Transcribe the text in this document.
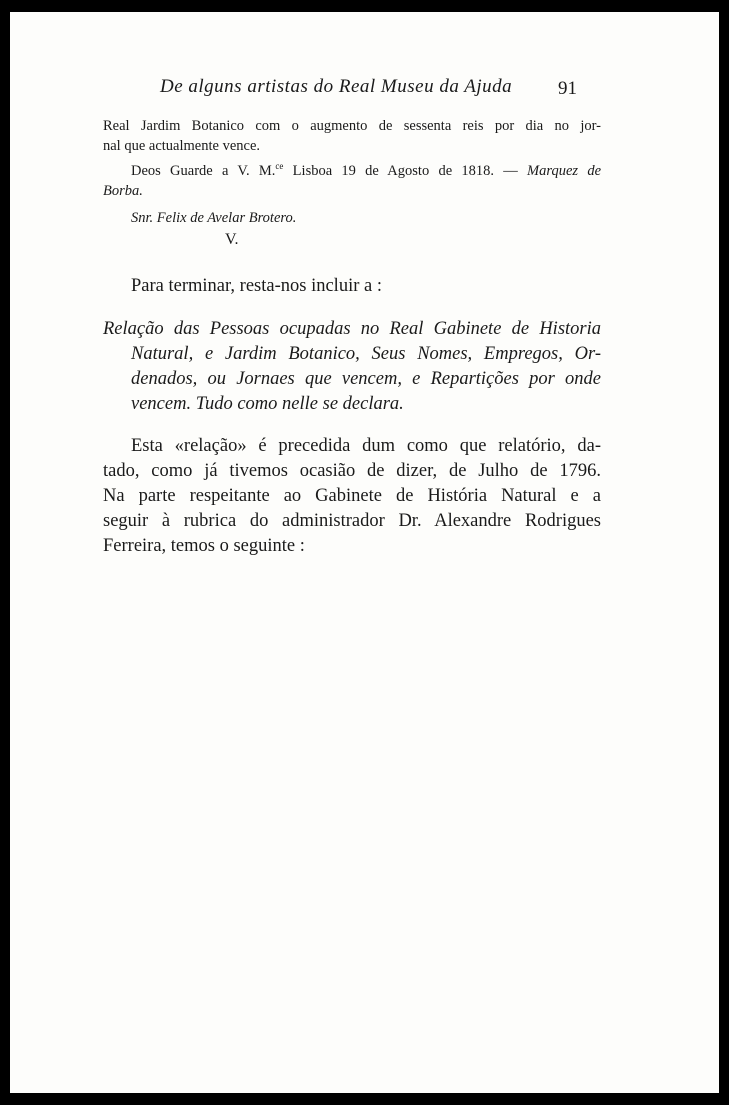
De alguns artistas do Real Museu da Ajuda 91
Real Jardim Botanico com o augmento de sessenta reis por dia no jor-
nal que actualmente vence.
Deos Guarde a V. M.$^{ce}$ Lisboa 19 de Agosto de 1818. — Marquez de
Borba.
Snr. Felix de Avelar Brotero.
V.
Para terminar, resta-nos incluir a :
Relação das Pessoas ocupadas no Real Gabinete de Historia
Natural, e Jardim Botanico, Seus Nomes, Empregos, Or-
denados, ou Jornaes que vencem, e Repartições por onde
vencem. Tudo como nelle se declara.
Esta «relação» é precedida dum como que relatório, da-
tado, como já tivemos ocasião de dizer, de Julho de 1796.
Na parte respeitante ao Gabinete de História Natural e a
seguir à rubrica do administrador Dr. Alexandre Rodrigues
Ferreira, temos o seguinte :
